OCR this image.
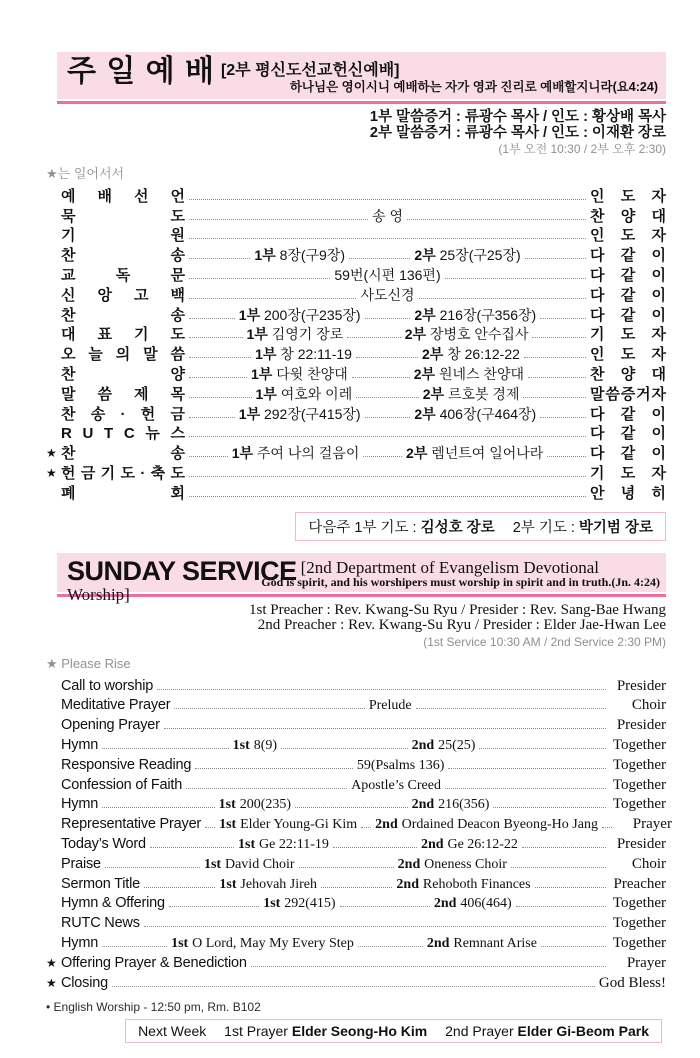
주 일 예 배 [2부 평신도선교헌신예배]
하나님은 영이시니 예배하는 자가 영과 진리로 예배할지니라(요4:24)
1부 말씀증거 : 류광수 목사 / 인도 : 황상배 목사
2부 말씀증거 : 류광수 목사 / 인도 : 이재환 장로
(1부 오전 10:30 / 2부 오후 2:30)
★는 일어서서
예 배 선 언	인 도 자
묵	도	송 영	찬 양 대
기	원	인 도 자
찬	송	1부 8장(구9장)	2부 25장(구25장)	다 같 이
교	독	문	59번(시편 136편)	다 같 이
신 앙 고 백	사도신경	다 같 이
찬	송	1부 200장(구235장)	2부 216장(구356장)	다 같 이
대 표 기 도	1부 김영기 장로	2부 장병호 안수집사	기 도 자
오 늘 의 말 씀	1부 창 22:11-19	2부 창 26:12-22	인 도 자
찬	양	1부 다윗 찬양대	2부 원네스 찬양대	찬 양 대
말 씀 제 목	1부 여호와 이레	2부 르호봇 경제	말 씀 증 거 자
찬 송 · 헌 금	1부 292장(구415장)	2부 406장(구464장)	다 같 이
R U T C 뉴 스	다 같 이
★ 찬	송	1부 주여 나의 걸음이	2부 렘넌트여 일어나라	다 같 이
★ 헌 금 기 도 · 축 도	기 도 자
폐	회	안 녕 히
다음주 1부 기도 : 김성호 장로 2부 기도 : 박기범 장로
SUNDAY SERVICE [2nd Department of Evangelism Devotional Worship]
God is spirit, and his worshipers must worship in spirit and in truth.(Jn. 4:24)
1st Preacher : Rev. Kwang-Su Ryu / Presider : Rev. Sang-Bae Hwang
2nd Preacher : Rev. Kwang-Su Ryu / Presider : Elder Jae-Hwan Lee
(1st Service 10:30 AM / 2nd Service 2:30 PM)
★ Please Rise
Call to worship	Presider
Meditative Prayer	Prelude	Choir
Opening Prayer	Presider
Hymn	1st 8(9)	2nd 25(25)	Together
Responsive Reading	59(Psalms 136)	Together
Confession of Faith	Apostle’s Creed	Together
Hymn	1st 200(235)	2nd 216(356)	Together
Representative Prayer 1st Elder Young-Gi Kim 2nd Ordained Deacon Byeong-Ho Jang	Prayer
Today’s Word	1st Ge 22:11-19	2nd Ge 26:12-22	Presider
Praise	1st David Choir	2nd Oneness Choir	Choir
Sermon Title	1st Jehovah Jireh	2nd Rehoboth Finances	Preacher
Hymn & Offering	1st 292(415)	2nd 406(464)	Together
RUTC News	Together
Hymn	1st O Lord, May My Every Step	2nd Remnant Arise	Together
★ Offering Prayer & Benediction	Prayer
★ Closing	God Bless!
• English Worship - 12:50 pm, Rm. B102
Next Week 1st Prayer Elder Seong-Ho Kim 2nd Prayer Elder Gi-Beom Park
